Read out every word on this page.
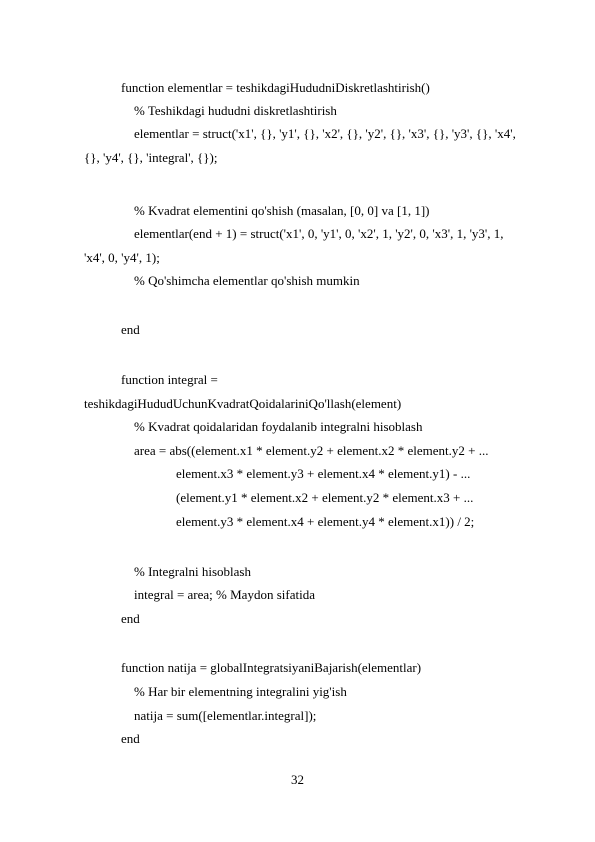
function elementlar = teshikdagiHududniDiskretlashtirish()
% Teshikdagi hududni diskretlashtirish
elementlar = struct('x1', {}, 'y1', {}, 'x2', {}, 'y2', {}, 'x3', {}, 'y3', {}, 'x4',
{}, 'y4', {}, 'integral', {});
% Kvadrat elementini qo'shish (masalan, [0, 0] va [1, 1])
elementlar(end + 1) = struct('x1', 0, 'y1', 0, 'x2', 1, 'y2', 0, 'x3', 1, 'y3', 1,
'x4', 0, 'y4', 1);
% Qo'shimcha elementlar qo'shish mumkin
end
function integral =
teshikdagiHududUchunKvadratQoidalariniQo'llash(element)
% Kvadrat qoidalaridan foydalanib integralni hisoblash
area = abs((element.x1 * element.y2 + element.x2 * element.y2 + ...
element.x3 * element.y3 + element.x4 * element.y1) - ...
(element.y1 * element.x2 + element.y2 * element.x3 + ...
element.y3 * element.x4 + element.y4 * element.x1)) / 2;
% Integralni hisoblash
integral = area; % Maydon sifatida
end
function natija = globalIntegratsiyaniBajarish(elementlar)
% Har bir elementning integralini yig'ish
natija = sum([elementlar.integral]);
end
32
